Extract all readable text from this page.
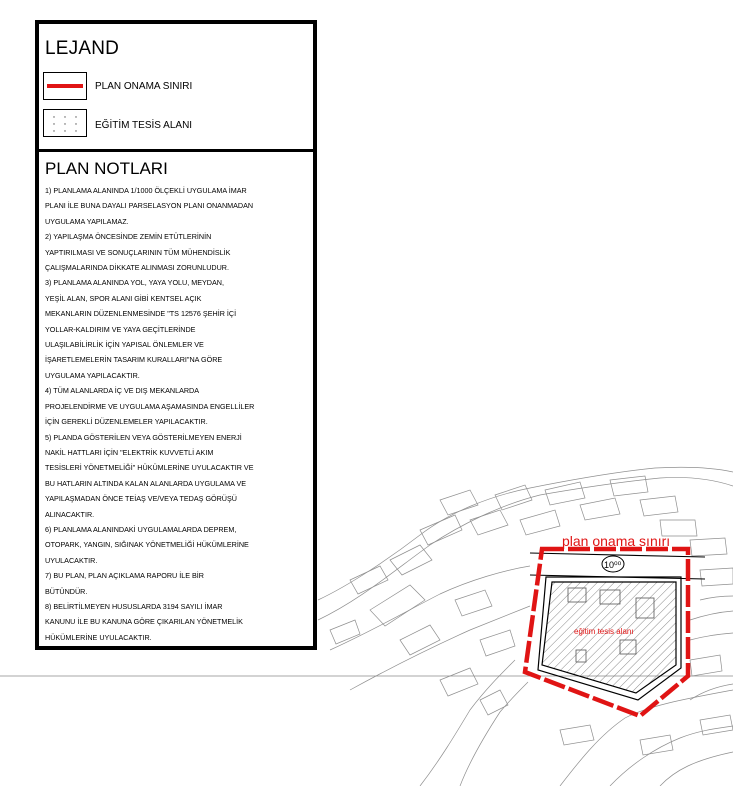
10⁰⁰
eğitim tesis alanı
plan onama sınırı
LEJAND
PLAN ONAMA SINIRI
EĞİTİM TESİS ALANI
PLAN NOTLARI
1) PLANLAMA ALANINDA 1/1000 ÖLÇEKLİ UYGULAMA İMAR
PLANI İLE BUNA DAYALI PARSELASYON PLANI ONANMADAN
UYGULAMA YAPILAMAZ.
2) YAPILAŞMA ÖNCESİNDE ZEMİN ETÜTLERİNİN
YAPTIRILMASI VE SONUÇLARININ TÜM MÜHENDİSLİK
ÇALIŞMALARINDA DİKKATE ALINMASI ZORUNLUDUR.
3) PLANLAMA ALANINDA YOL, YAYA YOLU, MEYDAN,
YEŞİL ALAN, SPOR ALANI GİBİ KENTSEL AÇIK
MEKANLARIN DÜZENLENMESİNDE "TS 12576 ŞEHİR İÇİ
YOLLAR-KALDIRIM VE YAYA GEÇİTLERİNDE
ULAŞILABİLİRLİK İÇİN YAPISAL ÖNLEMLER VE
İŞARETLEMELERİN TASARIM KURALLARI"NA GÖRE
UYGULAMA YAPILACAKTIR.
4) TÜM ALANLARDA İÇ VE DIŞ MEKANLARDA
PROJELENDİRME VE UYGULAMA AŞAMASINDA ENGELLİLER
İÇİN GEREKLİ DÜZENLEMELER YAPILACAKTIR.
5) PLANDA GÖSTERİLEN VEYA GÖSTERİLMEYEN ENERJİ
NAKİL HATTLARI İÇİN "ELEKTRİK KUVVETLİ AKIM
TESİSLERİ YÖNETMELİĞİ" HÜKÜMLERİNE UYULACAKTIR VE
BU HATLARIN ALTINDA KALAN ALANLARDA UYGULAMA VE
YAPILAŞMADAN ÖNCE TEİAŞ VE/VEYA TEDAŞ GÖRÜŞÜ
ALINACAKTIR.
6) PLANLAMA ALANINDAKİ UYGULAMALARDA DEPREM,
OTOPARK, YANGIN, SIĞINAK YÖNETMELİĞİ HÜKÜMLERİNE
UYULACAKTIR.
7) BU PLAN, PLAN AÇIKLAMA RAPORU İLE BİR
BÜTÜNDÜR.
8) BELİRTİLMEYEN HUSUSLARDA 3194 SAYILI İMAR
KANUNU İLE BU KANUNA GÖRE ÇIKARILAN YÖNETMELİK
HÜKÜMLERİNE UYULACAKTIR.
